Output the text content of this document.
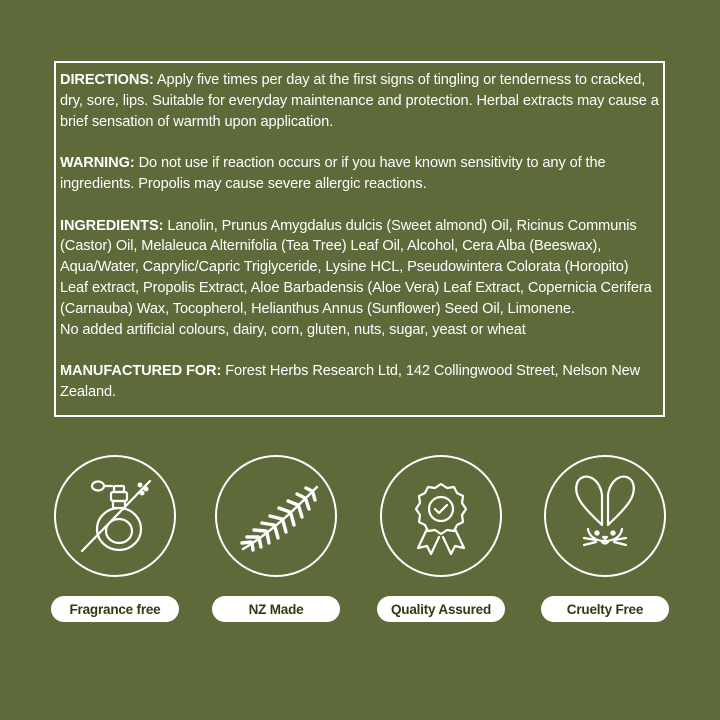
DIRECTIONS: Apply five times per day at the first signs of tingling or tenderness to cracked, dry, sore, lips. Suitable for everyday maintenance and protection. Herbal extracts may cause a brief sensation of warmth upon application.

WARNING: Do not use if reaction occurs or if you have known sensitivity to any of the ingredients. Propolis may cause severe allergic reactions.

INGREDIENTS: Lanolin, Prunus Amygdalus dulcis (Sweet almond) Oil, Ricinus Communis (Castor) Oil, Melaleuca Alternifolia (Tea Tree) Leaf Oil, Alcohol, Cera Alba (Beeswax), Aqua/Water, Caprylic/Capric Triglyceride, Lysine HCL, Pseudowintera Colorata (Horopito) Leaf extract, Propolis Extract, Aloe Barbadensis (Aloe Vera) Leaf Extract, Copernicia Cerifera (Carnauba) Wax, Tocopherol, Helianthus Annus (Sunflower) Seed Oil, Limonene.
No added artificial colours, dairy, corn, gluten, nuts, sugar, yeast or wheat

MANUFACTURED FOR: Forest Herbs Research Ltd, 142 Collingwood Street, Nelson New Zealand.

Fragrance free	NZ Made	Quality Assured	Cruelty Free
